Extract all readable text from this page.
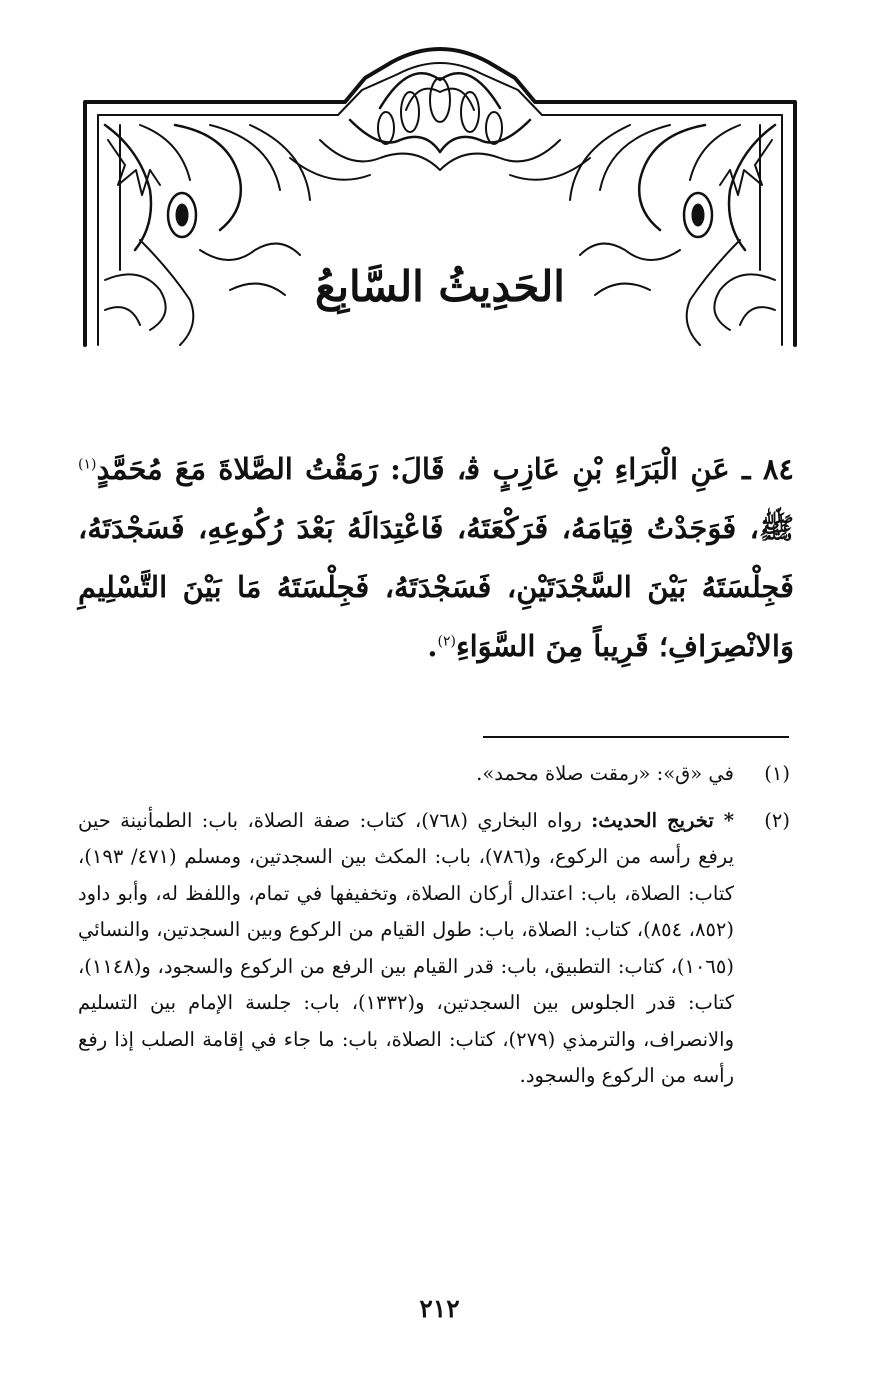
الحَدِيثُ السَّابِعُ
٨٤ ـ عَنِ الْبَرَاءِ بْنِ عَازِبٍ ﭬ، قَالَ: رَمَقْتُ الصَّلاةَ مَعَ مُحَمَّدٍ$^{(١)}$ ﷺ، فَوَجَدْتُ قِيَامَهُ، فَرَكْعَتَهُ، فَاعْتِدَالَهُ بَعْدَ رُكُوعِهِ، فَسَجْدَتَهُ، فَجِلْسَتَهُ بَيْنَ السَّجْدَتَيْنِ، فَسَجْدَتَهُ، فَجِلْسَتَهُ مَا بَيْنَ التَّسْلِيمِ وَالانْصِرَافِ؛ قَرِيباً مِنَ السَّوَاءِ$^{(٢)}$.
(١)
في «ق»: «رمقت صلاة محمد».
(٢)
* تخريج الحديث: رواه البخاري (٧٦٨)، كتاب: صفة الصلاة، باب: الطمأنينة حين يرفع رأسه من الركوع، و(٧٨٦)، باب: المكث بين السجدتين، ومسلم (٤٧١/ ١٩٣)، كتاب: الصلاة، باب: اعتدال أركان الصلاة، وتخفيفها في تمام، واللفظ له، وأبو داود (٨٥٢، ٨٥٤)، كتاب: الصلاة، باب: طول القيام من الركوع وبين السجدتين، والنسائي (١٠٦٥)، كتاب: التطبيق، باب: قدر القيام بين الرفع من الركوع والسجود، و(١١٤٨)، كتاب: قدر الجلوس بين السجدتين، و(١٣٣٢)، باب: جلسة الإمام بين التسليم والانصراف، والترمذي (٢٧٩)، كتاب: الصلاة، باب: ما جاء في إقامة الصلب إذا رفع رأسه من الركوع والسجود.
٢١٢
